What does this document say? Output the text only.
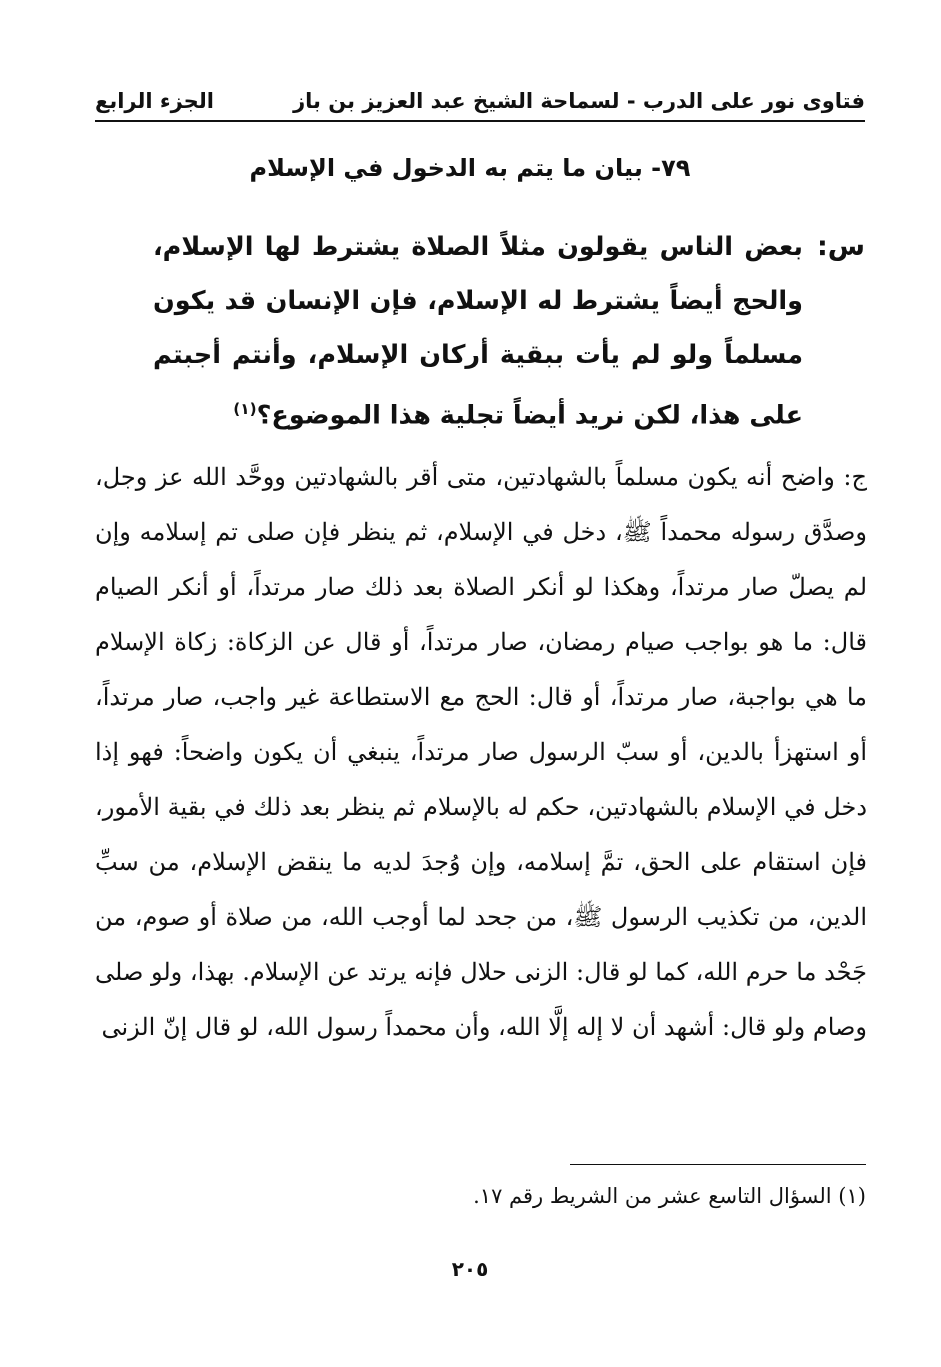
فتاوى نور على الدرب - لسماحة الشيخ عبد العزيز بن باز
الجزء الرابع
٧٩- بيان ما يتم به الدخول في الإسلام
س:
بعض الناس يقولون مثلاً الصلاة يشترط لها الإسلام، والحج أيضاً يشترط له الإسلام، فإن الإنسان قد يكون مسلماً ولو لم يأت ببقية أركان الإسلام، وأنتم أجبتم على هذا، لكن نريد أيضاً تجلية هذا الموضوع؟$^{(١)}$
ج: واضح أنه يكون مسلماً بالشهادتين، متى أقر بالشهادتين ووحَّد الله عز وجل، وصدَّق رسوله محمداً ﷺ، دخل في الإسلام، ثم ينظر فإن صلى تم إسلامه وإن لم يصلّ صار مرتداً، وهكذا لو أنكر الصلاة بعد ذلك صار مرتداً، أو أنكر الصيام قال: ما هو بواجب صيام رمضان، صار مرتداً، أو قال عن الزكاة: زكاة الإسلام ما هي بواجبة، صار مرتداً، أو قال: الحج مع الاستطاعة غير واجب، صار مرتداً، أو استهزأ بالدين، أو سبّ الرسول صار مرتداً، ينبغي أن يكون واضحاً: فهو إذا دخل في الإسلام بالشهادتين، حكم له بالإسلام ثم ينظر بعد ذلك في بقية الأمور، فإن استقام على الحق، تمَّ إسلامه، وإن وُجدَ لديه ما ينقض الإسلام، من سبِّ الدين، من تكذيب الرسول ﷺ، من جحد لما أوجب الله، من صلاة أو صوم، من جَحْد ما حرم الله، كما لو قال: الزنى حلال فإنه يرتد عن الإسلام. بهذا، ولو صلى وصام ولو قال: أشهد أن لا إله إلَّا الله، وأن محمداً رسول الله، لو قال إنّ الزنى
(١) السؤال التاسع عشر من الشريط رقم ١٧.
٢٠٥
